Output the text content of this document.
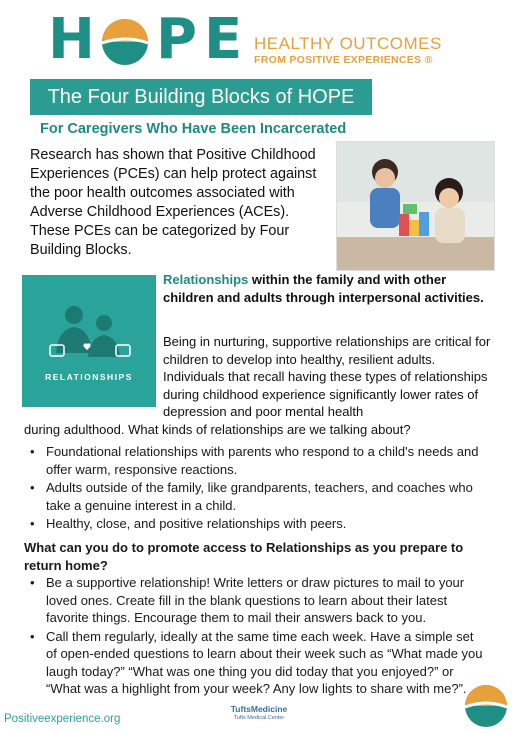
H P E HEALTHY OUTCOMES
FROM POSITIVE EXPERIENCES ®
The Four Building Blocks of HOPE
For Caregivers Who Have Been Incarcerated
Research has shown that Positive Childhood Experiences (PCEs) can help protect against the poor health outcomes associated with Adverse Childhood Experiences (ACEs). These PCEs can be categorized by Four Building Blocks.
RELATIONSHIPS
Relationships within the family and with other children and adults through interpersonal activities.
Being in nurturing, supportive relationships are critical for children to develop into healthy, resilient adults. Individuals that recall having these types of relationships during childhood experience significantly lower rates of depression and poor mental health
during adulthood. What kinds of relationships are we talking about?
• Foundational relationships with parents who respond to a child's needs and offer warm, responsive reactions.
• Adults outside of the family, like grandparents, teachers, and coaches who take a genuine interest in a child.
• Healthy, close, and positive relationships with peers.
What can you do to promote access to Relationships as you prepare to return home?
• Be a supportive relationship! Write letters or draw pictures to mail to your loved ones. Create fill in the blank questions to learn about their latest favorite things. Encourage them to mail their answers back to you.
• Call them regularly, ideally at the same time each week. Have a simple set of open-ended questions to learn about their week such as “What made you laugh today?” “What was one thing you did today that you enjoyed?” or “What was a highlight from your week? Any low lights to share with me?”.
Positiveexperience.org
TuftsMedicine
Tufts Medical Center
